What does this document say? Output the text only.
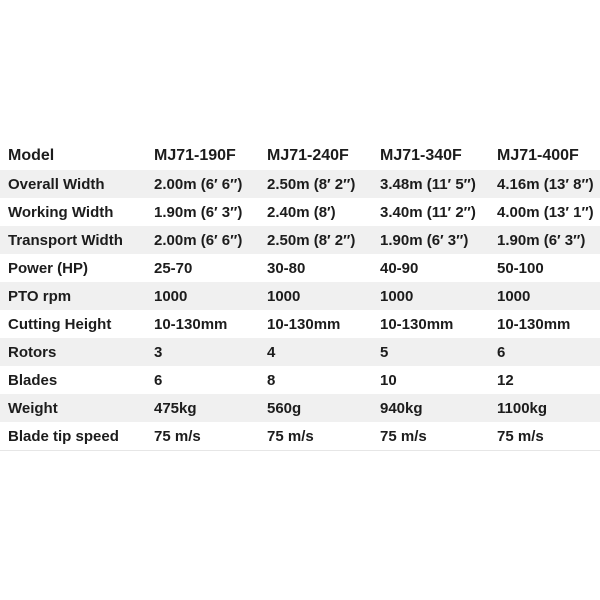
Model	MJ71-190F	MJ71-240F	MJ71-340F	MJ71-400F
Overall Width	2.00m (6′ 6″)	2.50m (8′ 2″)	3.48m (11′ 5″)	4.16m (13′ 8″)
Working Width	1.90m (6′ 3″)	2.40m (8′)	3.40m (11′ 2″)	4.00m (13′ 1″)
Transport Width	2.00m (6′ 6″)	2.50m (8′ 2″)	1.90m (6′ 3″)	1.90m (6′ 3″)
Power (HP)	25-70	30-80	40-90	50-100
PTO rpm	1000	1000	1000	1000
Cutting Height	10-130mm	10-130mm	10-130mm	10-130mm
Rotors	3	4	5	6
Blades	6	8	10	12
Weight	475kg	560g	940kg	1100kg
Blade tip speed	75 m/s	75 m/s	75 m/s	75 m/s
